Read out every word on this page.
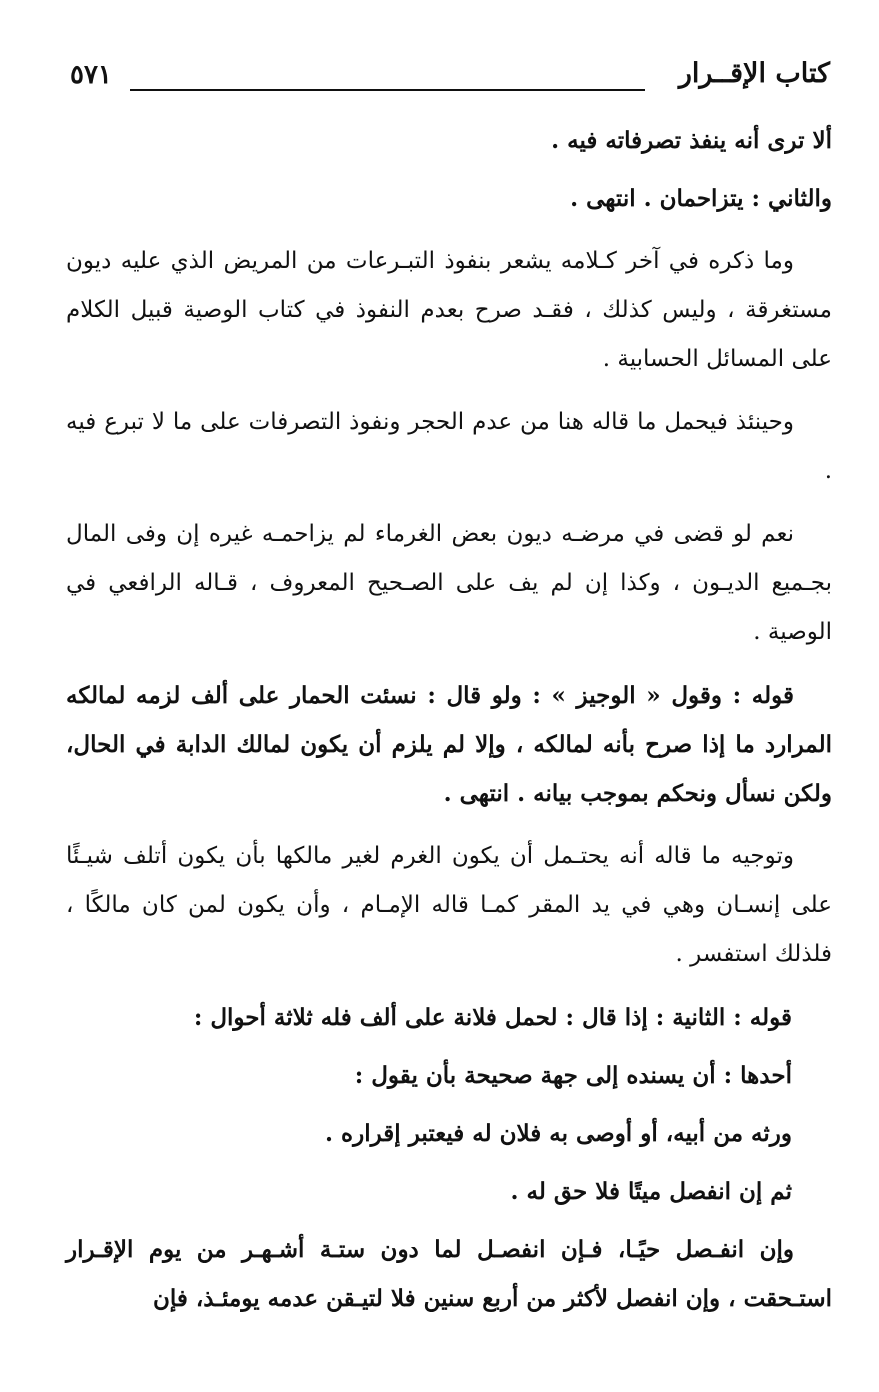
كتاب الإقــرار
٥٧١

ألا ترى أنه ينفذ تصرفاته فيه .

والثاني : يتزاحمان . انتهى .

وما ذكره في آخر كـلامه يشعر بنفوذ التبـرعات من المريض الذي عليه ديون مستغرقة ، وليس كذلك ، فقـد صرح بعدم النفوذ في كتاب الوصية قبيل الكلام على المسائل الحسابية .

وحينئذ فيحمل ما قاله هنا من عدم الحجر ونفوذ التصرفات على ما لا تبرع فيه .

نعم لو قضى في مرضـه ديون بعض الغرماء لم يزاحمـه غيره إن وفى المال بجـميع الديـون ، وكذا إن لم يف على الصـحيح المعروف ، قـاله الرافعي في الوصية .

قوله : وقول « الوجيز » : ولو قال : نسئت الحمار على ألف لزمه لمالكه المرارد ما إذا صرح بأنه لمالكه ، وإلا لم يلزم أن يكون لمالك الدابة في الحال، ولكن نسأل ونحكم بموجب بيانه . انتهى .

وتوجيه ما قاله أنه يحتـمل أن يكون الغرم لغير مالكها بأن يكون أتلف شيـئًا على إنسـان وهي في يد المقر كمـا قاله الإمـام ، وأن يكون لمن كان مالكًا ، فلذلك استفسر .

قوله : الثانية : إذا قال : لحمل فلانة على ألف فله ثلاثة أحوال :

أحدها : أن يسنده إلى جهة صحيحة بأن يقول :

ورثه من أبيه، أو أوصى به فلان له فيعتبر إقراره .

ثم إن انفصل ميتًا فلا حق له .

وإن انفـصل حيًـا، فـإن انفصـل لما دون ستـة أشـهـر من يوم الإقـرار استـحقت ، وإن انفصل لأكثر من أربع سنين فلا لتيـقن عدمه يومئـذ، فإن
